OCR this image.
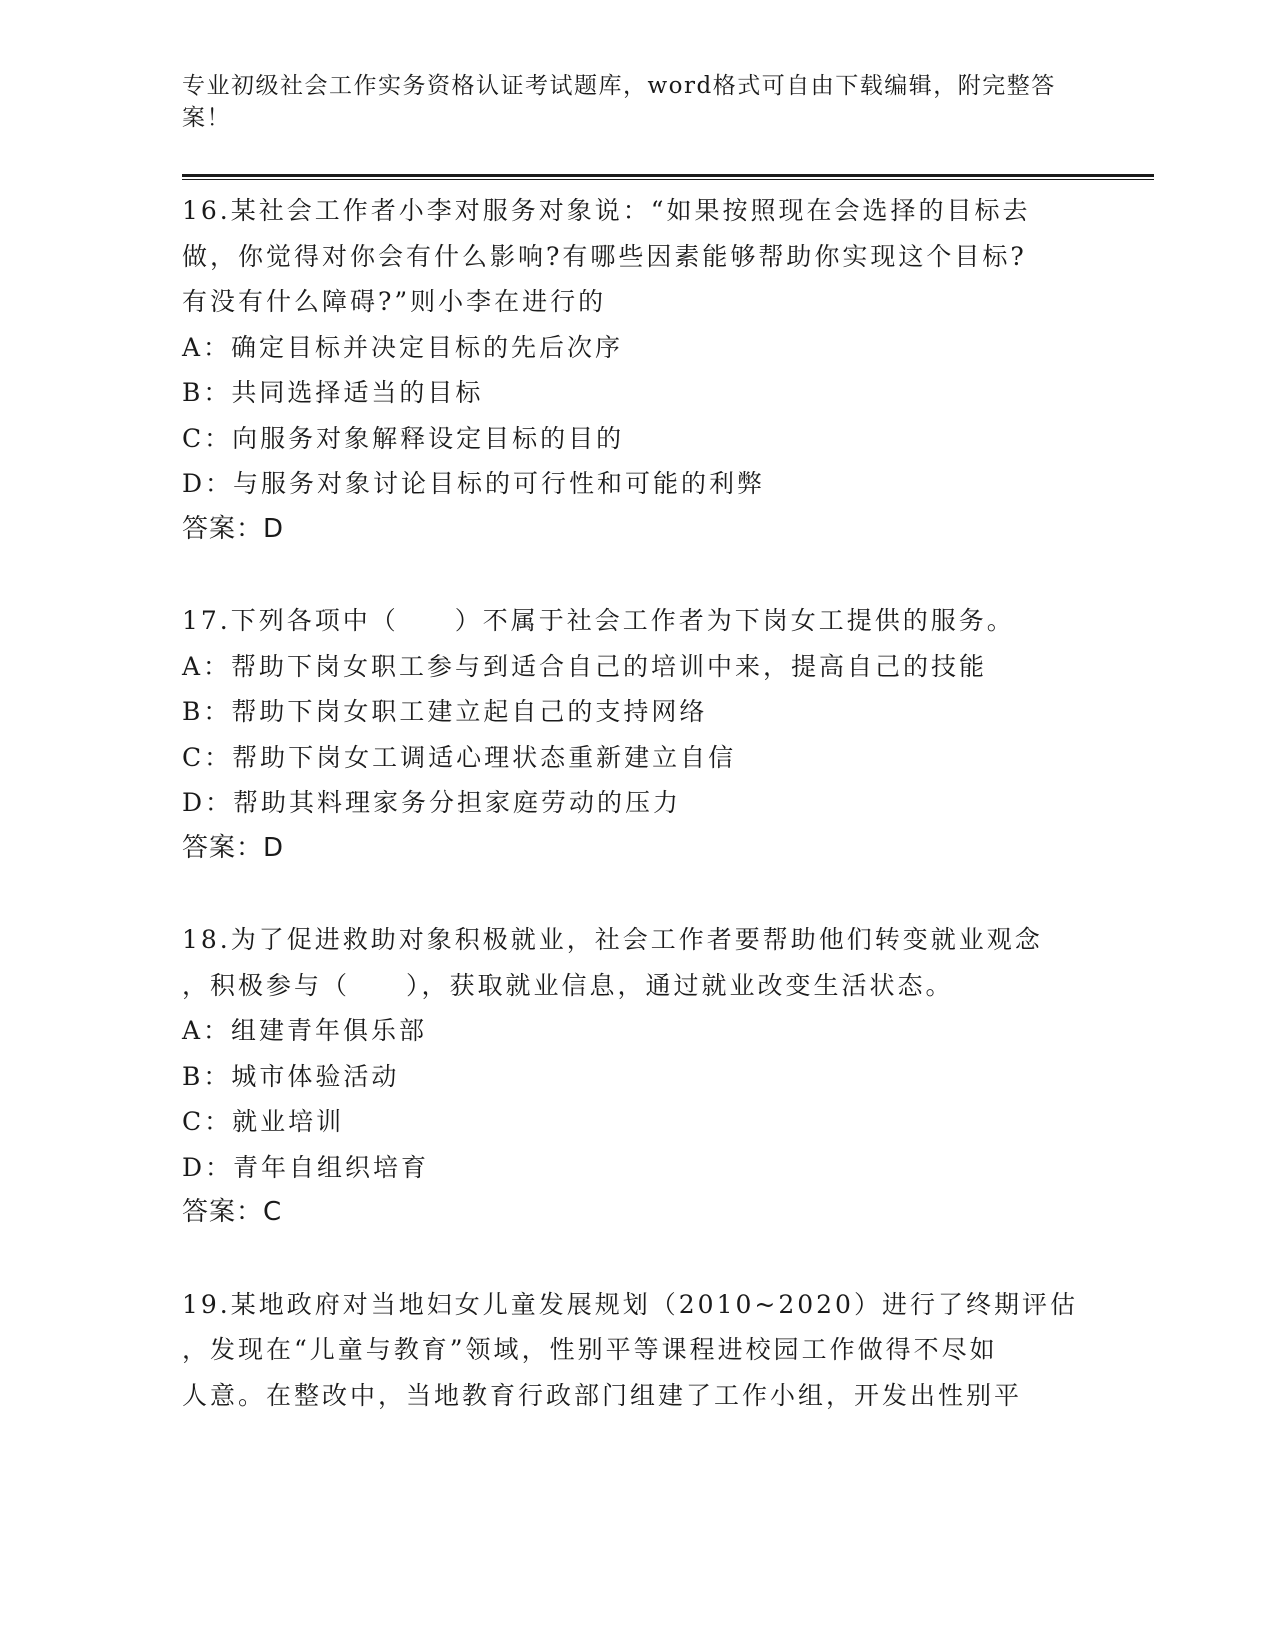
专业初级社会工作实务资格认证考试题库，word格式可自由下载编辑，附完整答
案！
16.某社会工作者小李对服务对象说：“如果按照现在会选择的目标去
做，你觉得对你会有什么影响?有哪些因素能够帮助你实现这个目标?
有没有什么障碍?”则小李在进行的
A：确定目标并决定目标的先后次序
B：共同选择适当的目标
C：向服务对象解释设定目标的目的
D：与服务对象讨论目标的可行性和可能的利弊
答案：D
17.下列各项中（　　）不属于社会工作者为下岗女工提供的服务。
A：帮助下岗女职工参与到适合自己的培训中来，提高自己的技能
B：帮助下岗女职工建立起自己的支持网络
C：帮助下岗女工调适心理状态重新建立自信
D：帮助其料理家务分担家庭劳动的压力
答案：D
18.为了促进救助对象积极就业，社会工作者要帮助他们转变就业观念
，积极参与（　　），获取就业信息，通过就业改变生活状态。
A：组建青年俱乐部
B：城市体验活动
C：就业培训
D：青年自组织培育
答案：C
19.某地政府对当地妇女儿童发展规划（2010~2020）进行了终期评估
，发现在“儿童与教育”领域，性别平等课程进校园工作做得不尽如
人意。在整改中，当地教育行政部门组建了工作小组，开发出性别平
